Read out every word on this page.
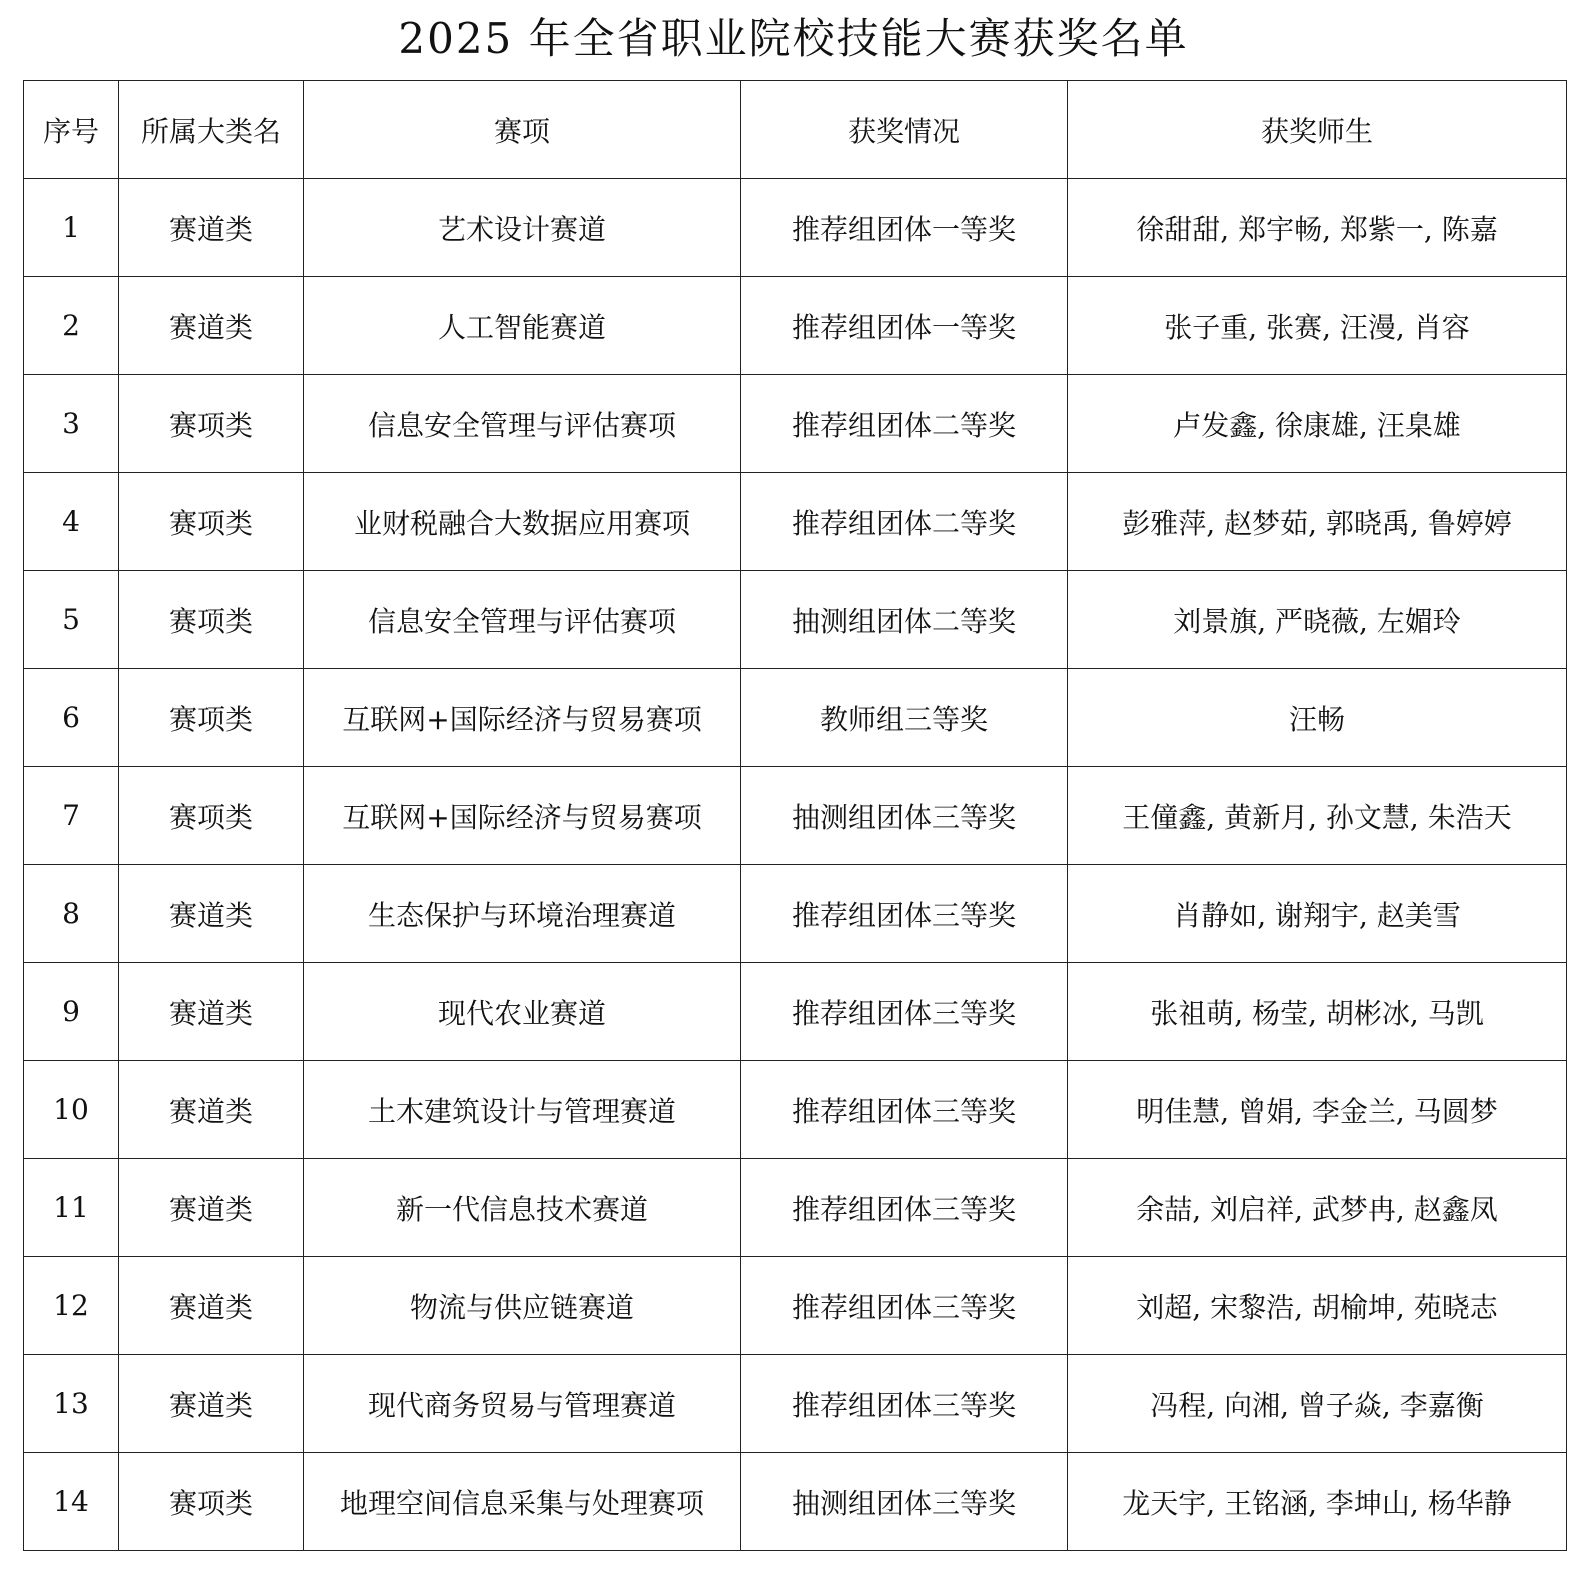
2025 年全省职业院校技能大赛获奖名单
序号	所属大类名	赛项	获奖情况	获奖师生
1	赛道类	艺术设计赛道	推荐组团体一等奖	徐甜甜, 郑宇畅, 郑紫一, 陈嘉
2	赛道类	人工智能赛道	推荐组团体一等奖	张子重, 张赛, 汪漫, 肖容
3	赛项类	信息安全管理与评估赛项	推荐组团体二等奖	卢发鑫, 徐康雄, 汪臬雄
4	赛项类	业财税融合大数据应用赛项	推荐组团体二等奖	彭雅萍, 赵梦茹, 郭晓禹, 鲁婷婷
5	赛项类	信息安全管理与评估赛项	抽测组团体二等奖	刘景旗, 严晓薇, 左媚玲
6	赛项类	互联网+国际经济与贸易赛项	教师组三等奖	汪畅
7	赛项类	互联网+国际经济与贸易赛项	抽测组团体三等奖	王僮鑫, 黄新月, 孙文慧, 朱浩天
8	赛道类	生态保护与环境治理赛道	推荐组团体三等奖	肖静如, 谢翔宇, 赵美雪
9	赛道类	现代农业赛道	推荐组团体三等奖	张祖萌, 杨莹, 胡彬冰, 马凯
10	赛道类	土木建筑设计与管理赛道	推荐组团体三等奖	明佳慧, 曾娟, 李金兰, 马圆梦
11	赛道类	新一代信息技术赛道	推荐组团体三等奖	余喆, 刘启祥, 武梦冉, 赵鑫凤
12	赛道类	物流与供应链赛道	推荐组团体三等奖	刘超, 宋黎浩, 胡榆坤, 苑晓志
13	赛道类	现代商务贸易与管理赛道	推荐组团体三等奖	冯程, 向湘, 曾子焱, 李嘉衡
14	赛项类	地理空间信息采集与处理赛项	抽测组团体三等奖	龙天宇, 王铭涵, 李坤山, 杨华静
